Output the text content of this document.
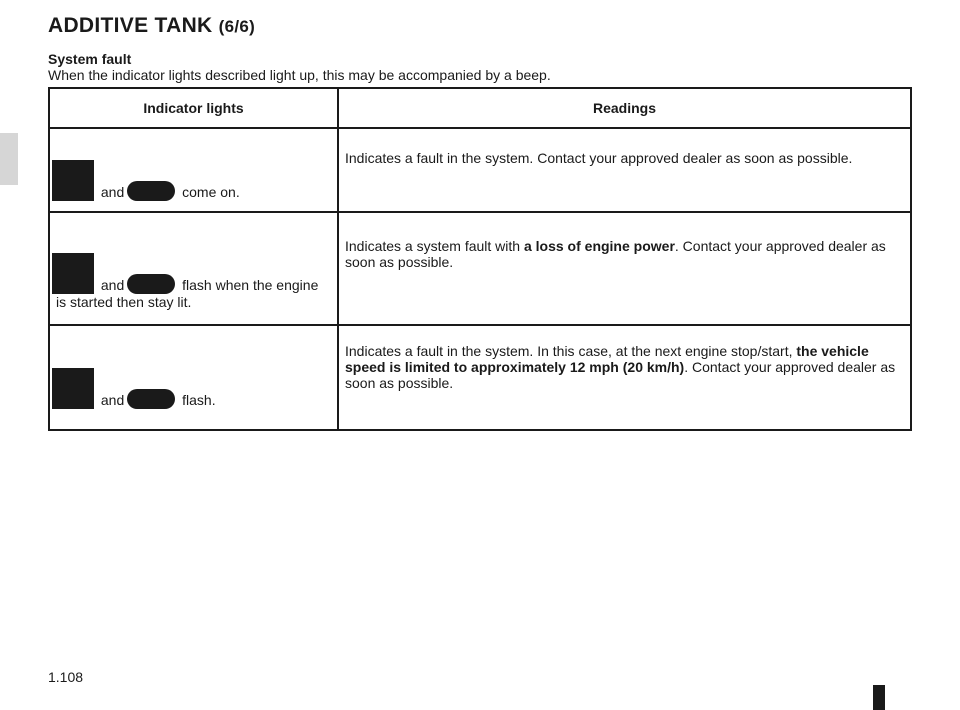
ADDITIVE TANK (6/6)
System fault
When the indicator lights described light up, this may be accompanied by a beep.
Indicator lights	Readings
and come on.	Indicates a fault in the system. Contact your approved dealer as soon as possible.
and flash when the engine is started then stay lit.	Indicates a system fault with a loss of engine power. Contact your approved dealer as soon as possible.
and flash.	Indicates a fault in the system. In this case, at the next engine stop/start, the vehicle speed is limited to approximately 12 mph (20 km/h). Contact your approved dealer as soon as possible.
1.108
